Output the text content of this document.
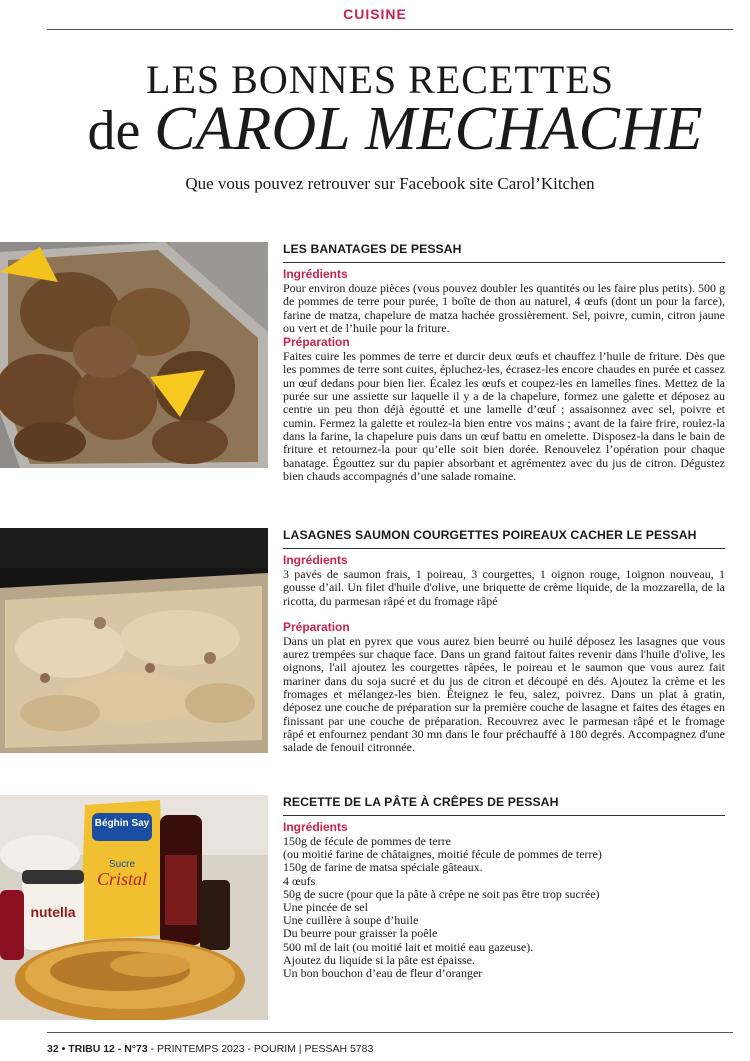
CUISINE
LES BONNES RECETTES
de CAROL MECHACHE
Que vous pouvez retrouver sur Facebook site Carol’Kitchen
LES BANATAGES DE PESSAH
Ingrédients

Pour environ douze pièces (vous pouvez doubler les quantités ou les faire plus petits). 500 g de pommes de terre pour purée, 1 boîte de thon au naturel, 4 œufs (dont un pour la farce), farine de matza, chapelure de matza hachée grossièrement. Sel, poivre, cumin, citron jaune ou vert et de l’huile pour la friture.

Préparation

Faites cuire les pommes de terre et durcir deux œufs et chauffez l’huile de friture. Dès que les pommes de terre sont cuites, épluchez-les, écrasez-les encore chaudes en purée et cassez un œuf dedans pour bien lier. Écalez les œufs et coupez-les en lamelles fines. Mettez de la purée sur une assiette sur laquelle il y a de la chapelure, formez une galette et déposez au centre un peu thon déjà égoutté et une lamelle d’œuf ; assaisonnez avec sel, poivre et cumin. Fermez la galette et roulez-la bien entre vos mains ; avant de la faire frire, roulez-la dans la farine, la chapelure puis dans un œuf battu en omelette. Disposez-la dans le bain de friture et retournez-la pour qu’elle soit bien dorée. Renouvelez l’opération pour chaque banatage. Égouttez sur du papier absorbant et agrémentez avec du jus de citron. Dégustez bien chauds accompagnés d’une salade romaine.

LASAGNES SAUMON COURGETTES POIREAUX CACHER LE PESSAH
Ingrédients

3 pavés de saumon frais, 1 poireau, 3 courgettes, 1 oignon rouge, 1oignon nouveau, 1 gousse d’ail. Un filet d'huile d'olive, une briquette de crème liquide, de la mozzarella, de la ricotta, du parmesan râpé et du fromage râpé

Préparation

Dans un plat en pyrex que vous aurez bien beurré ou huilé déposez les lasagnes que vous aurez trempées sur chaque face. Dans un grand faitout faites revenir dans l'huile d'olive, les oignons, l'ail ajoutez les courgettes râpées, le poireau et le saumon que vous aurez fait mariner dans du soja sucré et du jus de citron et découpé en dés. Ajoutez la crème et les fromages et mélangez-les bien. Éteignez le feu, salez, poivrez. Dans un plat à gratin, déposez une couche de préparation sur la première couche de lasagne et faites des étages en finissant par une couche de préparation. Recouvrez avec le parmesan râpé et le fromage râpé et enfournez pendant 30 mn dans le four préchauffé à 180 degrés. Accompagnez d'une salade de fenouil citronnée.

Béghin Say
Cristal
Sucre
nutella
RECETTE DE LA PÂTE À CRÊPES DE PESSAH
Ingrédients
150g de fécule de pommes de terre
(ou moitié farine de châtaignes, moitié fécule de pommes de terre)
150g de farine de matsa spéciale gâteaux.
4 œufs
50g de sucre (pour que la pâte à crêpe ne soit pas être trop sucrée)
Une pincée de sel
Une cuillère à soupe d’huile
Du beurre pour graisser la poêle
500 ml de lait (ou moitié lait et moitié eau gazeuse).
Ajoutez du liquide si la pâte est épaisse.
Un bon bouchon d’eau de fleur d’oranger
32 • TRIBU 12 - N°73 - PRINTEMPS 2023 - POURIM | PESSAH 5783
